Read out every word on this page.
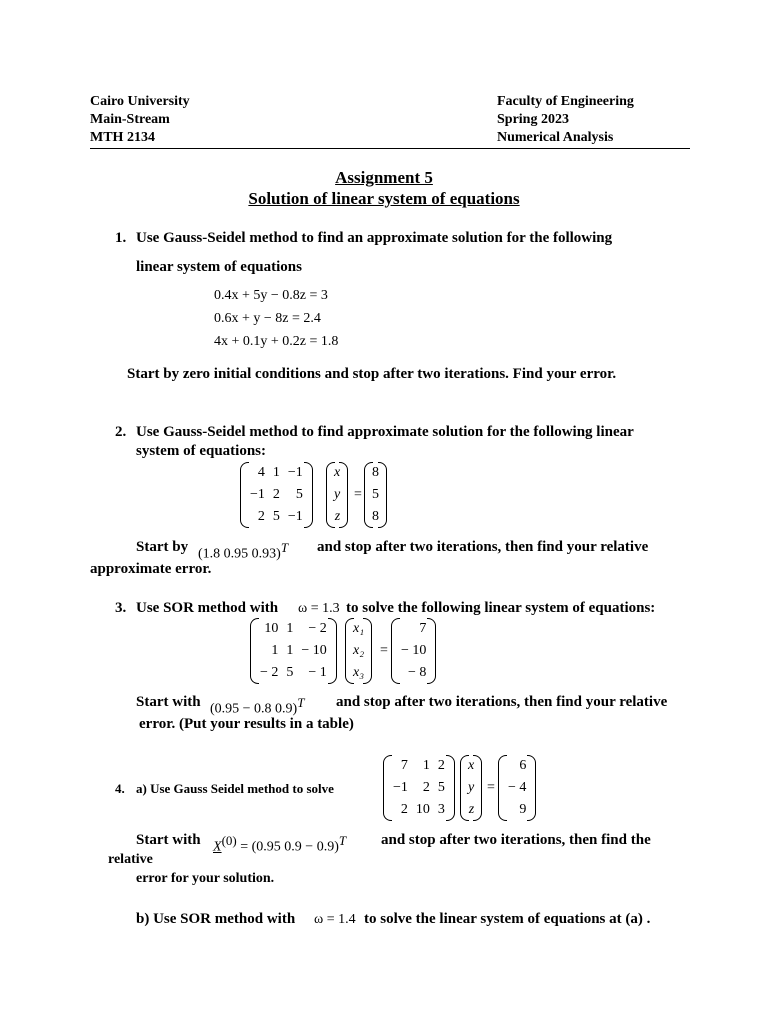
Cairo University
Main-Stream
MTH 2134
Faculty of Engineering
Spring 2023
Numerical Analysis
Assignment 5
Solution of linear system of equations
1. Use Gauss-Seidel method to find an approximate solution for the following
linear system of equations
0.4x + 5y − 0.8z = 3
0.6x + y − 8z = 2.4
4x + 0.1y + 0.2z = 1.8
Start by zero initial conditions and stop after two iterations. Find your error.
2. Use Gauss-Seidel method to find approximate solution for the following linear
system of equations:
4	1	−1
−1	2	5
2	5	−1
x
y
z
=
8
5
8
Start by (1.8 0.95 0.93)$^T$ and stop after two iterations, then find your relative
approximate error.
3. Use SOR method with ω = 1.3 to solve the following linear system of equations:
10	1	− 2
1	1	− 10
− 2	5	− 1
x₁
x₂
x₃
=
7
− 10
− 8
Start with (0.95 − 0.8 0.9)$^T$ and stop after two iterations, then find your relative
error. (Put your results in a table)
4. a) Use Gauss Seidel method to solve
7	1	2
−1	2	5
2	10	3
x
y
z
=
6
− 4
9
Start with $X^{(0)} = (0.95$ 0.9 − 0.9)$^T$ and stop after two iterations, then find the
relative
error for your solution.
b) Use SOR method with ω = 1.4 to solve the linear system of equations at (a) .
